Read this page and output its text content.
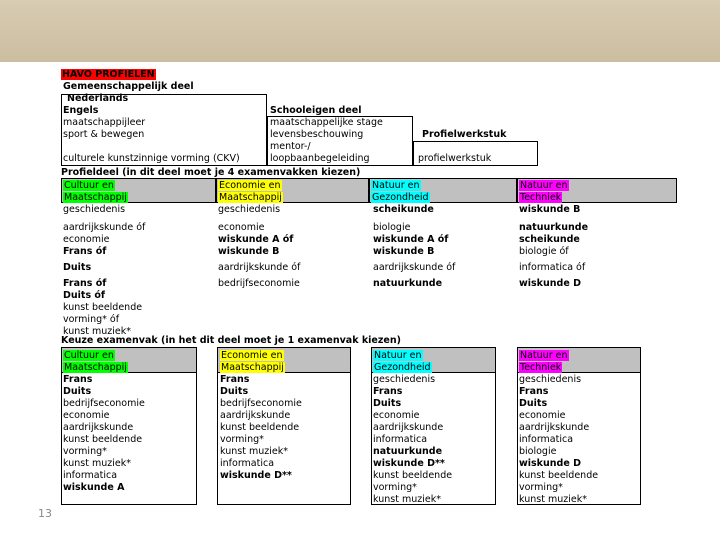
HAVO PROFIELEN
Gemeenschappelijk deel
Nederlands
Engels
maatschappijleer
sport & bewegen
culturele kunstzinnige vorming (CKV)
Schooleigen deel
maatschappelijke stage
levensbeschouwing
mentor-/
loopbaanbegeleiding
Profielwerkstuk
profielwerkstuk
Profieldeel (in dit deel moet je 4 examenvakken kiezen)
Cultuur en
Maatschappij
Economie en
Maatschappij
Natuur en
Gezondheid
Natuur en
Techniek
geschiedenis
aardrijkskunde óf
economie
Frans óf
Duits
Frans óf
Duits óf
kunst beeldende
vorming* óf
kunst muziek*
geschiedenis
economie
wiskunde A óf
wiskunde B
aardrijkskunde óf
bedrijfseconomie
scheikunde
biologie
wiskunde A óf
wiskunde B
aardrijkskunde óf
natuurkunde
wiskunde B
natuurkunde
scheikunde
biologie óf
informatica óf
wiskunde D
Keuze examenvak (in het dit deel moet je 1 examenvak kiezen)
Cultuur en
Maatschappij
Frans
Duits
bedrijfseconomie
economie
aardrijkskunde
kunst beeldende
vorming*
kunst muziek*
informatica
wiskunde A
Economie en
Maatschappij
Frans
Duits
bedrijfseconomie
aardrijkskunde
kunst beeldende
vorming*
kunst muziek*
informatica
wiskunde D**
Natuur en
Gezondheid
geschiedenis
Frans
Duits
economie
aardrijkskunde
informatica
natuurkunde
wiskunde D**
kunst beeldende
vorming*
kunst muziek*
Natuur en
Techniek
geschiedenis
Frans
Duits
economie
aardrijkskunde
informatica
biologie
wiskunde D
kunst beeldende
vorming*
kunst muziek*
13
